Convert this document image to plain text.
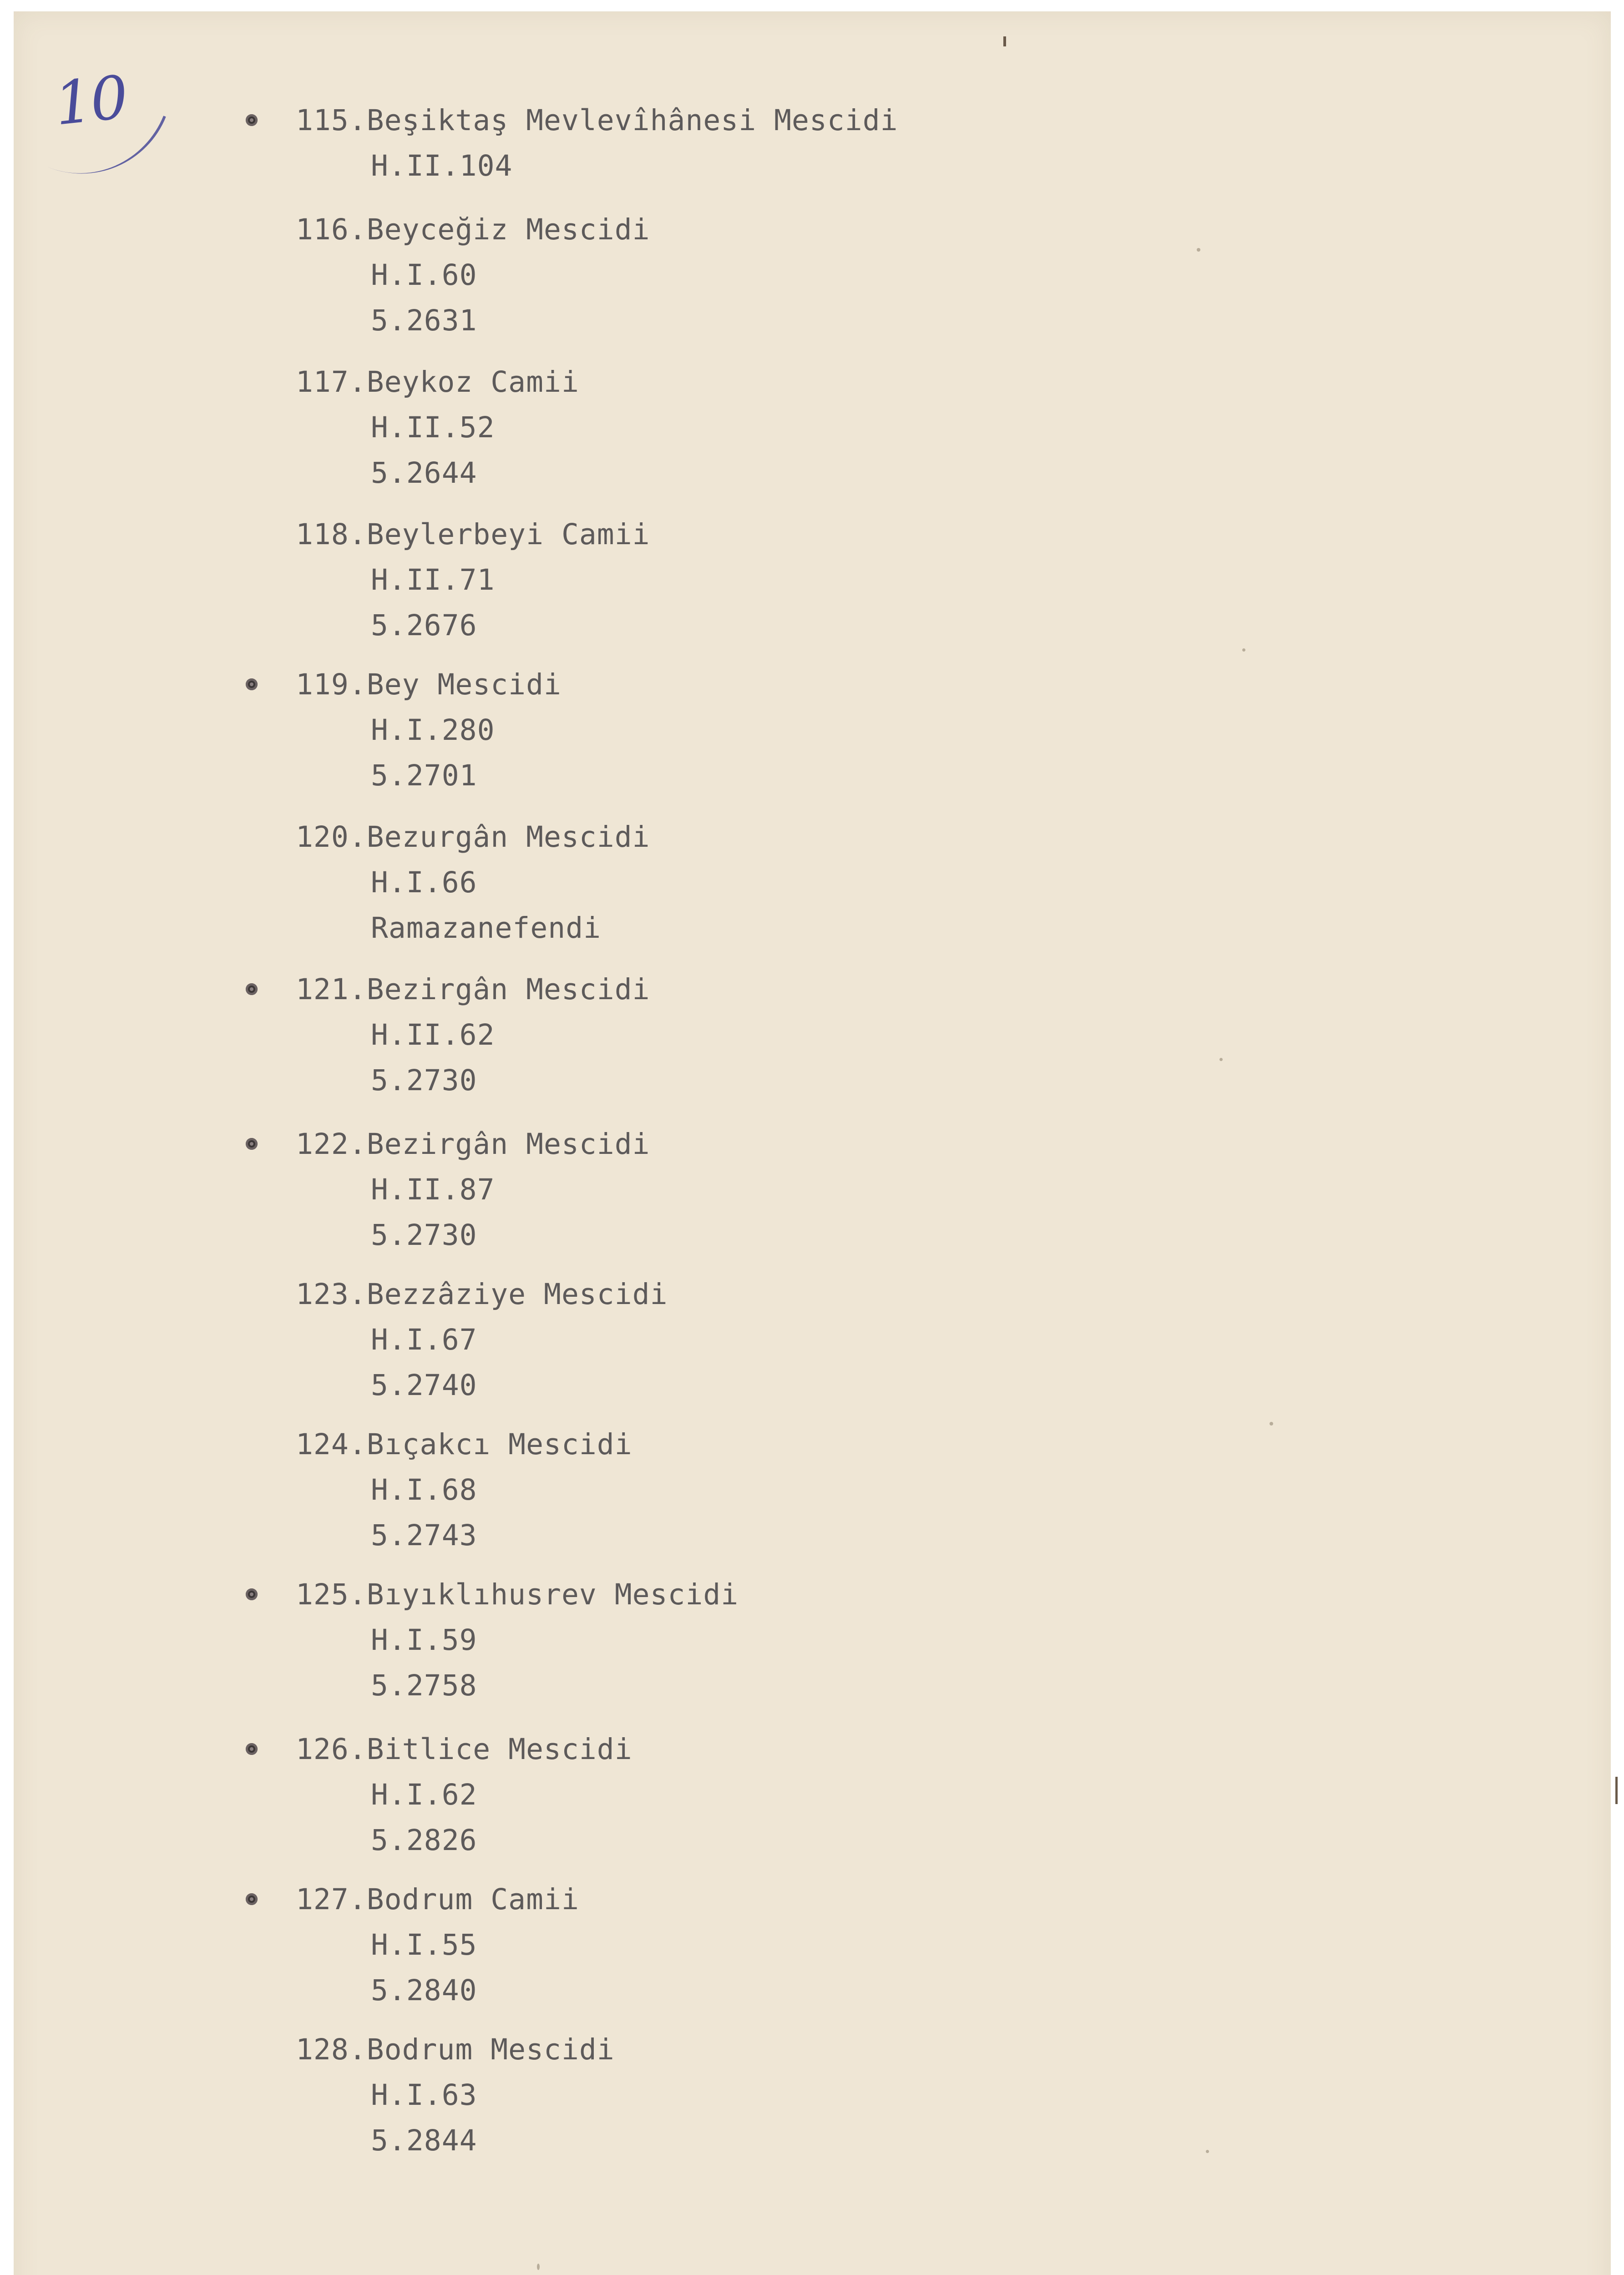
10	115.Beşiktaş Mevlevîhânesi Mescidi
H.II.104
116.Beyceğiz Mescidi
H.I.60
5.2631
117.Beykoz Camii
H.II.52
5.2644
118.Beylerbeyi Camii
H.II.71
5.2676
119.Bey Mescidi
H.I.280
5.2701
120.Bezurgân Mescidi
H.I.66
Ramazanefendi
121.Bezirgân Mescidi
H.II.62
5.2730
122.Bezirgân Mescidi
H.II.87
5.2730
123.Bezzâziye Mescidi
H.I.67
5.2740
124.Bıçakcı Mescidi
H.I.68
5.2743
125.Bıyıklıhusrev Mescidi
H.I.59
5.2758
126.Bitlice Mescidi
H.I.62
5.2826
127.Bodrum Camii
H.I.55
5.2840
128.Bodrum Mescidi
H.I.63
5.2844
